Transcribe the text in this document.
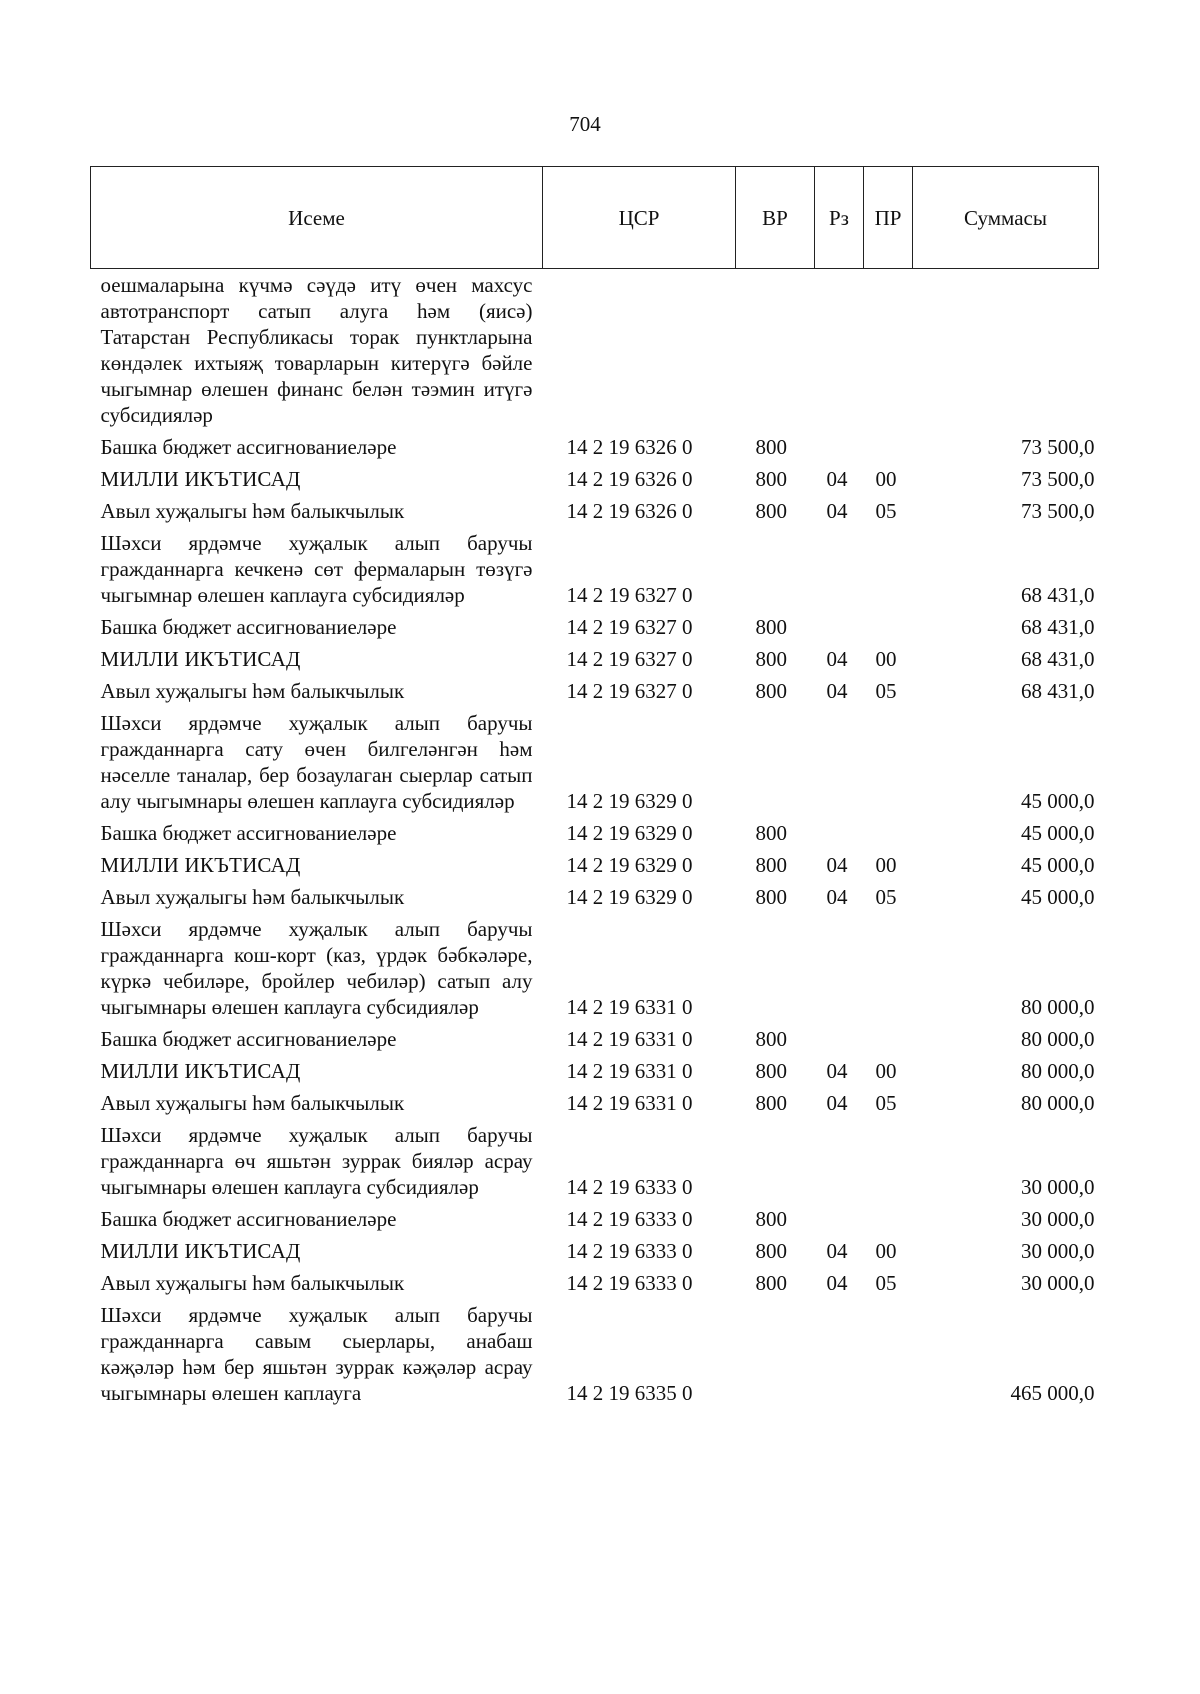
704
Исеме	ЦСР	ВР	Рз	ПР	Суммасы
оешмаларына күчмә сәүдә итү өчен махсус автотранспорт сатып алуга һәм (яисә) Татарстан Республикасы торак пунктларына көндәлек ихтыяҗ товарларын китерүгә бәйле чыгымнар өлешен финанс белән тәэмин итүгә субсидияләр					
Башка бюджет ассигнованиеләре	14 2 19 6326 0	800			73 500,0
МИЛЛИ ИКЪТИСАД	14 2 19 6326 0	800	04	00	73 500,0
Авыл хуҗалыгы һәм балыкчылык	14 2 19 6326 0	800	04	05	73 500,0
Шәхси ярдәмче хуҗалык алып баручы гражданнарга кечкенә сөт фермаларын төзүгә чыгымнар өлешен каплауга субсидияләр	14 2 19 6327 0				68 431,0
Башка бюджет ассигнованиеләре	14 2 19 6327 0	800			68 431,0
МИЛЛИ ИКЪТИСАД	14 2 19 6327 0	800	04	00	68 431,0
Авыл хуҗалыгы һәм балыкчылык	14 2 19 6327 0	800	04	05	68 431,0
Шәхси ярдәмче хуҗалык алып баручы гражданнарга сату өчен билгеләнгән һәм нәселле таналар, бер бозаулаган сыерлар сатып алу чыгымнары өлешен каплауга субсидияләр	14 2 19 6329 0				45 000,0
Башка бюджет ассигнованиеләре	14 2 19 6329 0	800			45 000,0
МИЛЛИ ИКЪТИСАД	14 2 19 6329 0	800	04	00	45 000,0
Авыл хуҗалыгы һәм балыкчылык	14 2 19 6329 0	800	04	05	45 000,0
Шәхси ярдәмче хуҗалык алып баручы гражданнарга кош-корт (каз, үрдәк бәбкәләре, күркә чебиләре, бройлер чебиләр) сатып алу чыгымнары өлешен каплауга субсидияләр	14 2 19 6331 0				80 000,0
Башка бюджет ассигнованиеләре	14 2 19 6331 0	800			80 000,0
МИЛЛИ ИКЪТИСАД	14 2 19 6331 0	800	04	00	80 000,0
Авыл хуҗалыгы һәм балыкчылык	14 2 19 6331 0	800	04	05	80 000,0
Шәхси ярдәмче хуҗалык алып баручы гражданнарга өч яшьтән зуррак бияләр асрау чыгымнары өлешен каплауга субсидияләр	14 2 19 6333 0				30 000,0
Башка бюджет ассигнованиеләре	14 2 19 6333 0	800			30 000,0
МИЛЛИ ИКЪТИСАД	14 2 19 6333 0	800	04	00	30 000,0
Авыл хуҗалыгы һәм балыкчылык	14 2 19 6333 0	800	04	05	30 000,0
Шәхси ярдәмче хуҗалык алып баручы гражданнарга савым сыерлары, анабаш кәҗәләр һәм бер яшьтән зуррак кәҗәләр асрау чыгымнары өлешен каплауга	14 2 19 6335 0				465 000,0
